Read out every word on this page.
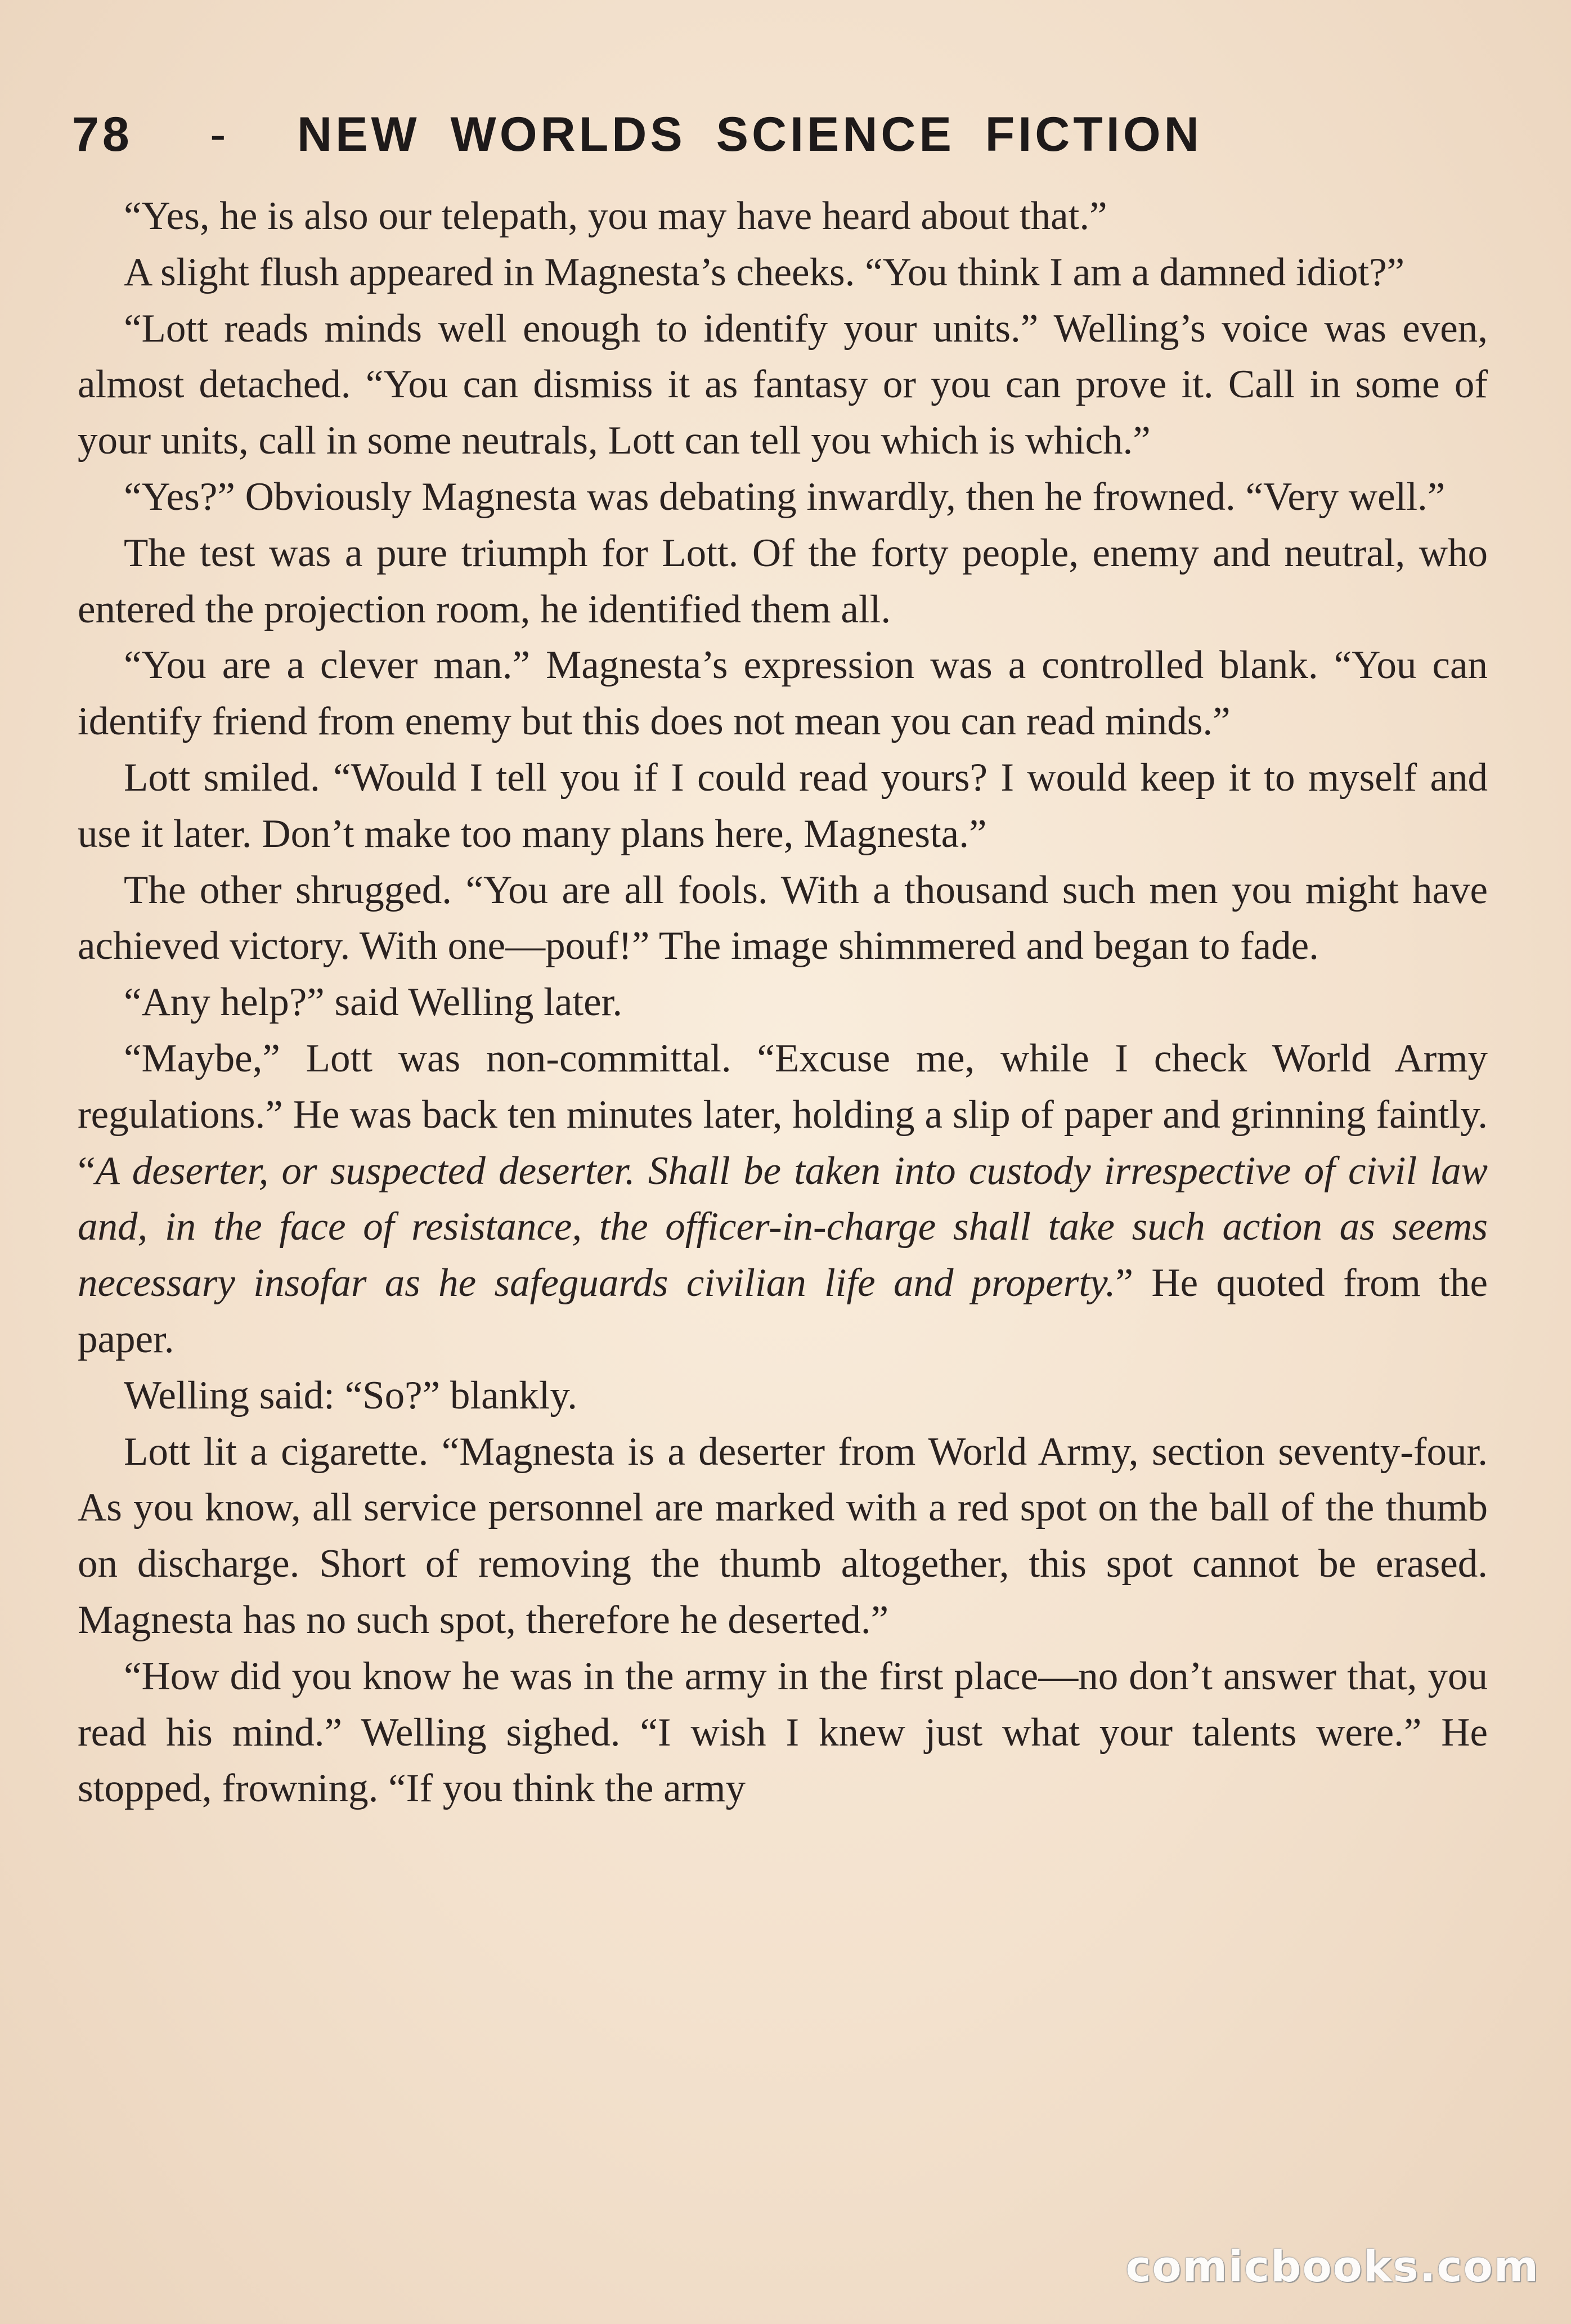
78 - NEW WORLDS SCIENCE FICTION

“Yes, he is also our telepath, you may have heard about that.”

A slight flush appeared in Magnesta’s cheeks. “You think I am a damned idiot?”

“Lott reads minds well enough to identify your units.” Welling’s voice was even, almost detached. “You can dismiss it as fantasy or you can prove it. Call in some of your units, call in some neutrals, Lott can tell you which is which.”

“Yes?” Obviously Magnesta was debating inwardly, then he frowned. “Very well.”

The test was a pure triumph for Lott. Of the forty people, enemy and neutral, who entered the projection room, he identified them all.

“You are a clever man.” Magnesta’s expression was a controlled blank. “You can identify friend from enemy but this does not mean you can read minds.”

Lott smiled. “Would I tell you if I could read yours? I would keep it to myself and use it later. Don’t make too many plans here, Magnesta.”

The other shrugged. “You are all fools. With a thousand such men you might have achieved victory. With one—pouf!” The image shimmered and began to fade.

“Any help?” said Welling later.

“Maybe,” Lott was non-committal. “Excuse me, while I check World Army regulations.” He was back ten minutes later, holding a slip of paper and grinning faintly. “A deserter, or suspected deserter. Shall be taken into custody irrespective of civil law and, in the face of resistance, the officer-in-charge shall take such action as seems necessary insofar as he safeguards civilian life and property.” He quoted from the paper.

Welling said: “So?” blankly.

Lott lit a cigarette. “Magnesta is a deserter from World Army, section seventy-four. As you know, all service personnel are marked with a red spot on the ball of the thumb on discharge. Short of removing the thumb altogether, this spot cannot be erased. Magnesta has no such spot, therefore he deserted.”

“How did you know he was in the army in the first place—no don’t answer that, you read his mind.” Welling sighed. “I wish I knew just what your talents were.” He stopped, frowning. “If you think the army

comicbooks.com
